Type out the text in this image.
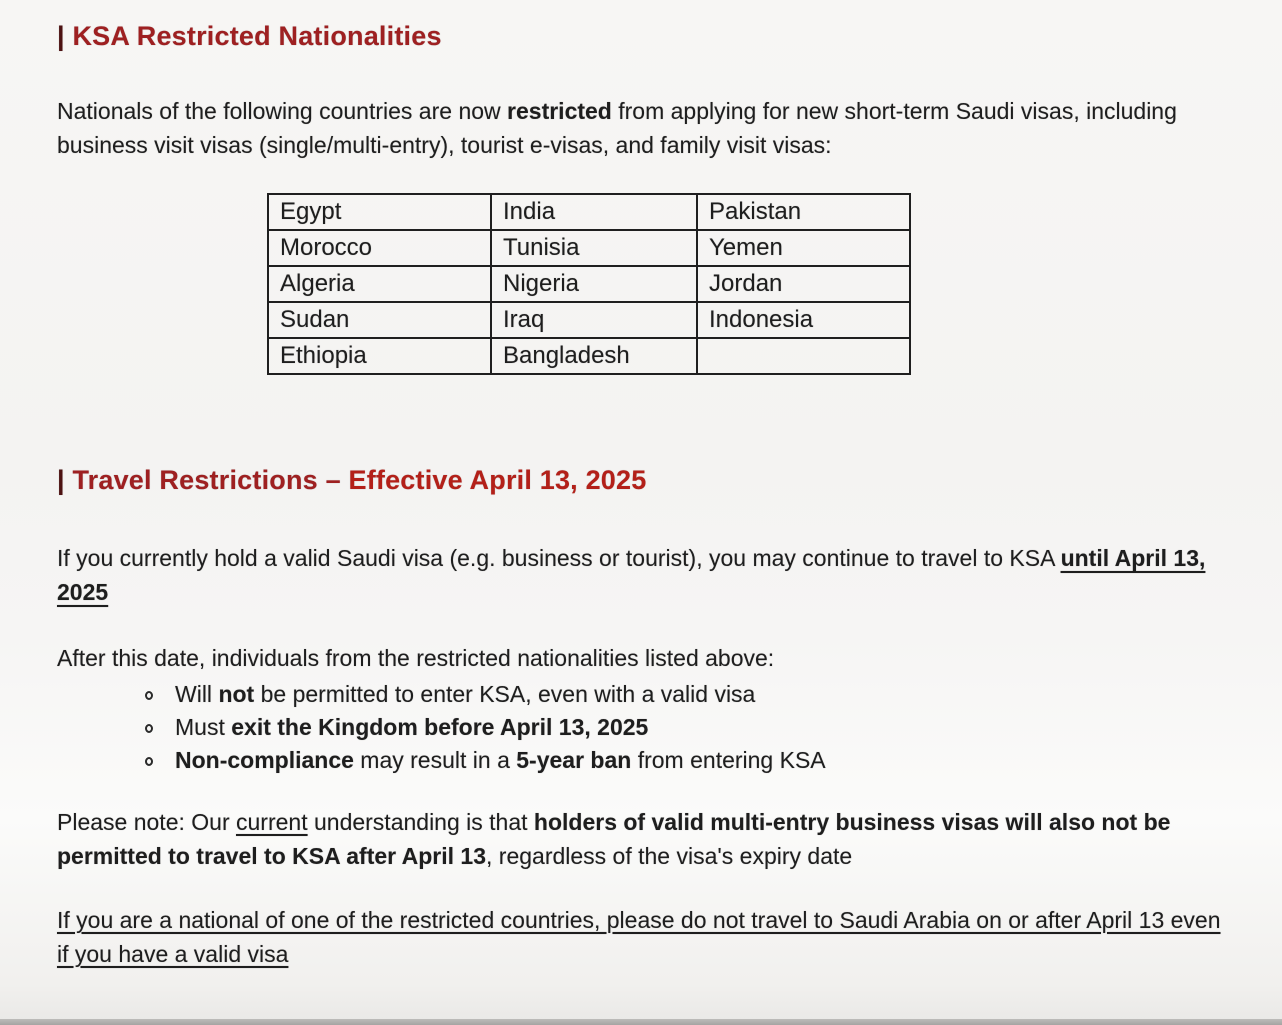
| KSA Restricted Nationalities

Nationals of the following countries are now restricted from applying for new short-term Saudi visas, including business visit visas (single/multi-entry), tourist e-visas, and family visit visas:

Egypt	India	Pakistan
Morocco	Tunisia	Yemen
Algeria	Nigeria	Jordan
Sudan	Iraq	Indonesia
Ethiopia	Bangladesh	
| Travel Restrictions – Effective April 13, 2025

If you currently hold a valid Saudi visa (e.g. business or tourist), you may continue to travel to KSA until April 13, 2025

After this date, individuals from the restricted nationalities listed above:

Will not be permitted to enter KSA, even with a valid visa
Must exit the Kingdom before April 13, 2025
Non-compliance may result in a 5-year ban from entering KSA

Please note: Our current understanding is that holders of valid multi-entry business visas will also not be permitted to travel to KSA after April 13, regardless of the visa's expiry date

If you are a national of one of the restricted countries, please do not travel to Saudi Arabia on or after April 13 even if you have a valid visa
